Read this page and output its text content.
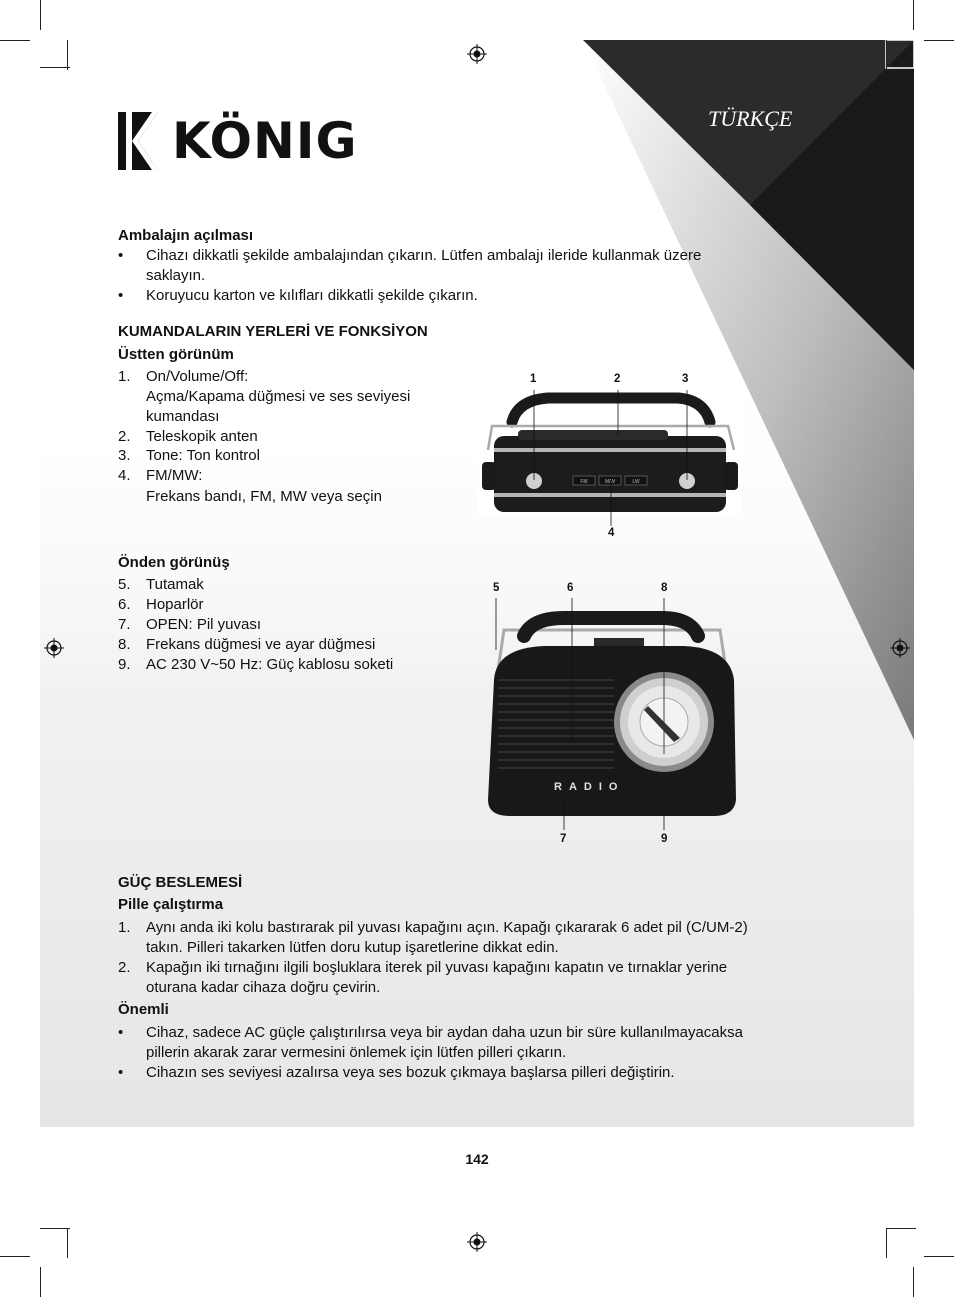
KÖNIG	TÜRKÇE
Ambalajın açılması
• Cihazı dikkatli şekilde ambalajından çıkarın. Lütfen ambalajı ileride kullanmak üzere saklayın.
• Koruyucu karton ve kılıfları dikkatli şekilde çıkarın.
KUMANDALARIN YERLERİ VE FONKSİYON
Üstten görünüm
1. On/Volume/Off:
Açma/Kapama düğmesi ve ses seviyesi
kumandası
2. Teleskopik anten
3. Tone: Ton kontrol
4. FM/MW:
Frekans bandı, FM, MW veya seçin
FM	M/W	LW
1	2	3
4
Önden görünüş
5. Tutamak
6. Hoparlör
7. OPEN: Pil yuvası
8. Frekans düğmesi ve ayar düğmesi
9. AC 230 V~50 Hz: Güç kablosu soketi
RADIO
5	6	8
7	9
GÜÇ BESLEMESİ
Pille çalıştırma
1. Aynı anda iki kolu bastırarak pil yuvası kapağını açın. Kapağı çıkararak 6 adet pil (C/UM-2)
takın. Pilleri takarken lütfen doru kutup işaretlerine dikkat edin.
2. Kapağın iki tırnağını ilgili boşluklara iterek pil yuvası kapağını kapatın ve tırnaklar yerine
oturana kadar cihaza doğru çevirin.
Önemli
• Cihaz, sadece AC güçle çalıştırılırsa veya bir aydan daha uzun bir süre kullanılmayacaksa
pillerin akarak zarar vermesini önlemek için lütfen pilleri çıkarın.
• Cihazın ses seviyesi azalırsa veya ses bozuk çıkmaya başlarsa pilleri değiştirin.
142
